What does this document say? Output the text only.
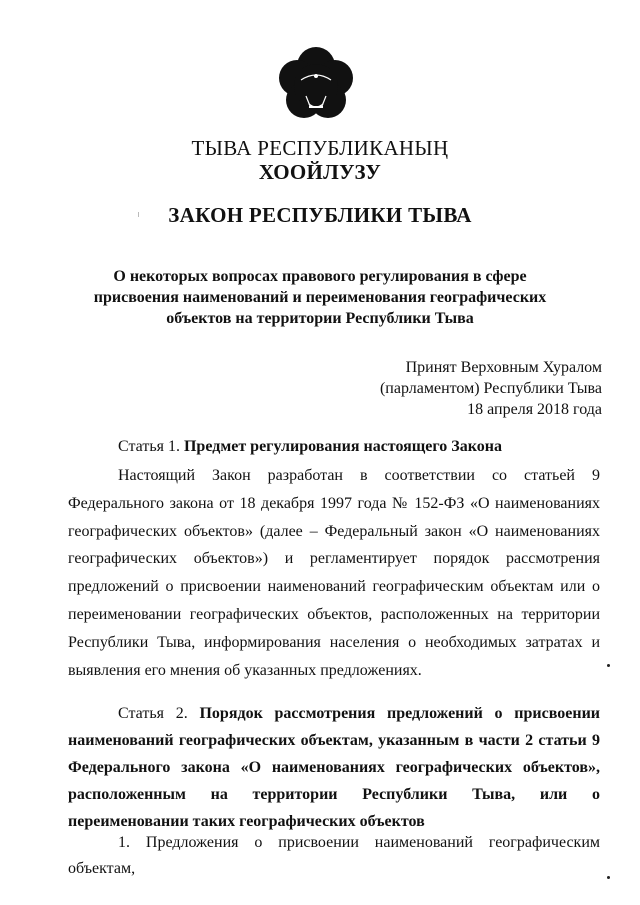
ТЫВА РЕСПУБЛИКАНЫҢ
ХООЙЛУЗУ
ЗАКОН РЕСПУБЛИКИ ТЫВА
О некоторых вопросах правового регулирования в сфере присвоения наименований и переименования географических объектов на территории Республики Тыва
Принят Верховным Хуралом
(парламентом) Республики Тыва
18 апреля 2018 года
Статья 1. Предмет регулирования настоящего Закона
Настоящий Закон разработан в соответствии со статьей 9 Федерального закона от 18 декабря 1997 года № 152-ФЗ «О наименованиях географических объектов» (далее – Федеральный закон «О наименованиях географических объектов») и регламентирует порядок рассмотрения предложений о присвоении наименований географическим объектам или о переименовании географических объектов, расположенных на территории Республики Тыва, информирования населения о необходимых затратах и выявления его мнения об указанных предложениях.
Статья 2. Порядок рассмотрения предложений о присвоении наименований географических объектам, указанным в части 2 статьи 9 Федерального закона «О наименованиях географических объектов», расположенным на территории Республики Тыва, или о переименовании таких географических объектов
1. Предложения о присвоении наименований географическим объектам,
